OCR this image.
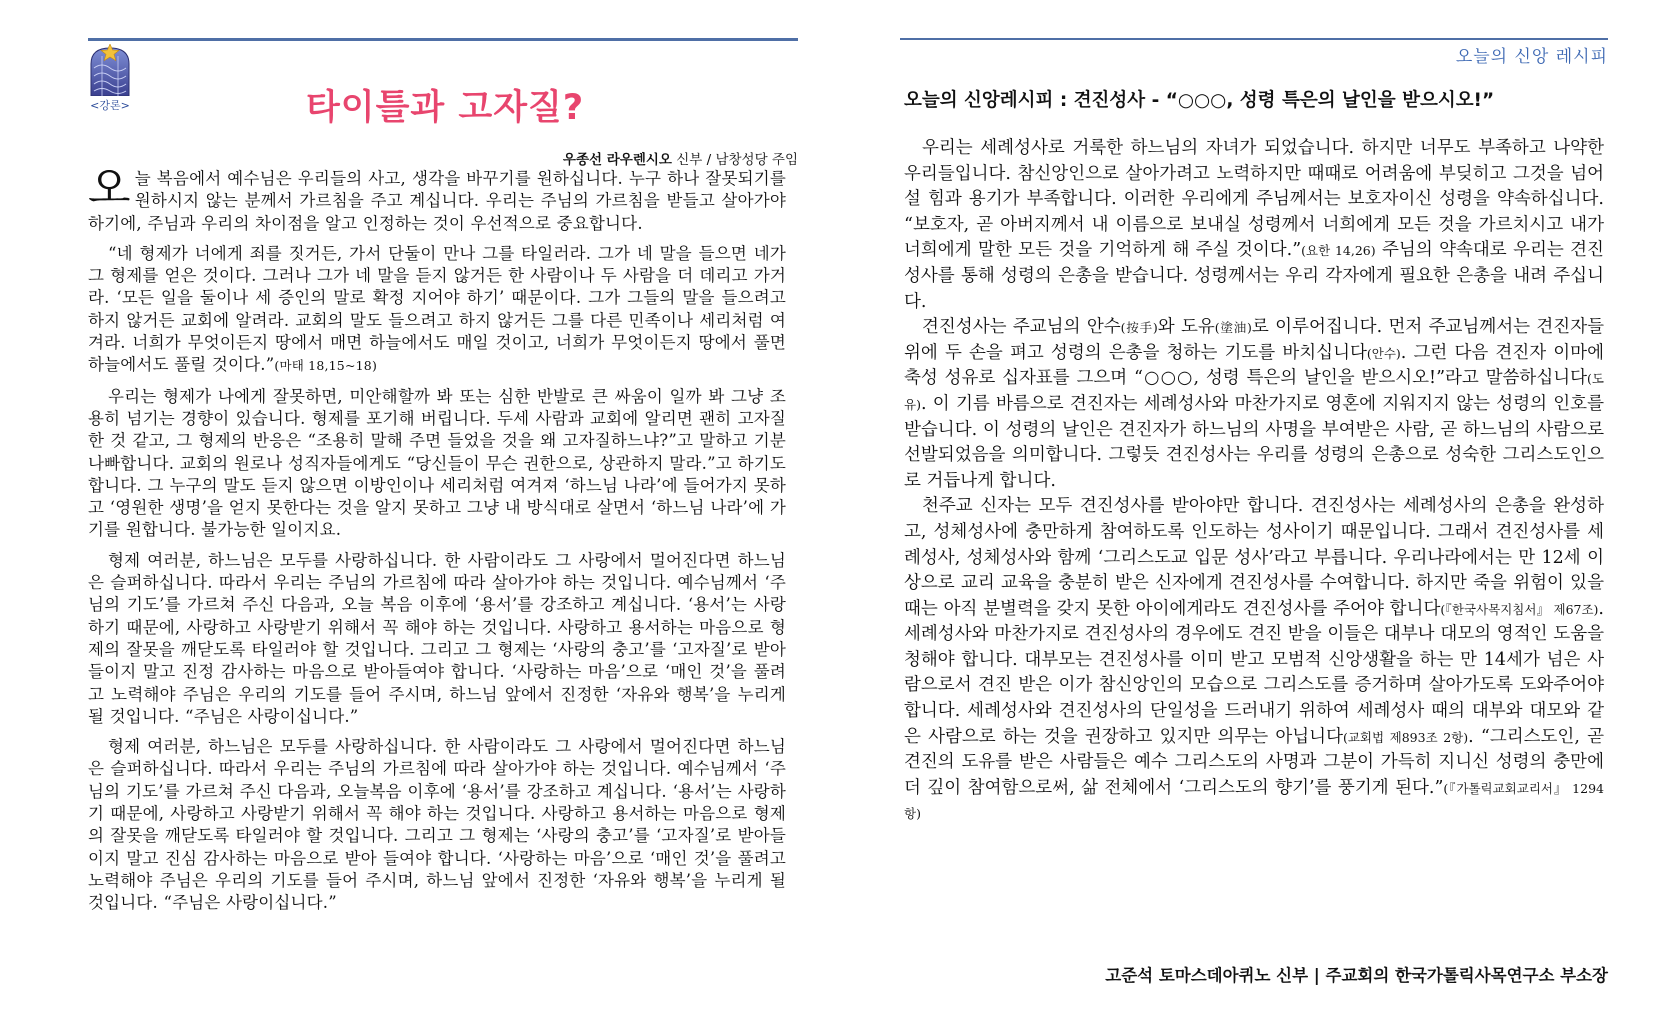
<강론>	타이틀과 고자질?
우종선 라우렌시오 신부 / 남창성당 주임

오늘 복음에서 예수님은 우리들의 사고, 생각을 바꾸기를 원하십니다. 누구 하나 잘못되기를 원하시지 않는 분께서 가르침을 주고 계십니다. 우리는 주님의 가르침을 받들고 살아가야 하기에, 주님과 우리의 차이점을 알고 인정하는 것이 우선적으로 중요합니다.

“네 형제가 너에게 죄를 짓거든, 가서 단둘이 만나 그를 타일러라. 그가 네 말을 들으면 네가 그 형제를 얻은 것이다. 그러나 그가 네 말을 듣지 않거든 한 사람이나 두 사람을 더 데리고 가거라. ‘모든 일을 둘이나 세 증인의 말로 확정 지어야 하기’ 때문이다. 그가 그들의 말을 들으려고 하지 않거든 교회에 알려라. 교회의 말도 들으려고 하지 않거든 그를 다른 민족이나 세리처럼 여겨라. 너희가 무엇이든지 땅에서 매면 하늘에서도 매일 것이고, 너희가 무엇이든지 땅에서 풀면 하늘에서도 풀릴 것이다.”(마태 18,15~18)

우리는 형제가 나에게 잘못하면, 미안해할까 봐 또는 심한 반발로 큰 싸움이 일까 봐 그냥 조용히 넘기는 경향이 있습니다. 형제를 포기해 버립니다. 두세 사람과 교회에 알리면 괜히 고자질한 것 같고, 그 형제의 반응은 “조용히 말해 주면 들었을 것을 왜 고자질하느냐?”고 말하고 기분 나빠합니다. 교회의 원로나 성직자들에게도 “당신들이 무슨 권한으로, 상관하지 말라.”고 하기도 합니다. 그 누구의 말도 듣지 않으면 이방인이나 세리처럼 여겨져 ‘하느님 나라’에 들어가지 못하고 ‘영원한 생명’을 얻지 못한다는 것을 알지 못하고 그냥 내 방식대로 살면서 ‘하느님 나라’에 가기를 원합니다. 불가능한 일이지요.

형제 여러분, 하느님은 모두를 사랑하십니다. 한 사람이라도 그 사랑에서 멀어진다면 하느님은 슬퍼하십니다. 따라서 우리는 주님의 가르침에 따라 살아가야 하는 것입니다. 예수님께서 ‘주님의 기도’를 가르쳐 주신 다음과, 오늘 복음 이후에 ‘용서’를 강조하고 계십니다. ‘용서’는 사랑하기 때문에, 사랑하고 사랑받기 위해서 꼭 해야 하는 것입니다. 사랑하고 용서하는 마음으로 형제의 잘못을 깨닫도록 타일러야 할 것입니다. 그리고 그 형제는 ‘사랑의 충고’를 ‘고자질’로 받아들이지 말고 진정 감사하는 마음으로 받아들여야 합니다. ‘사랑하는 마음’으로 ‘매인 것’을 풀려고 노력해야 주님은 우리의 기도를 들어 주시며, 하느님 앞에서 진정한 ‘자유와 행복’을 누리게 될 것입니다. “주님은 사랑이십니다.”

형제 여러분, 하느님은 모두를 사랑하십니다. 한 사람이라도 그 사랑에서 멀어진다면 하느님은 슬퍼하십니다. 따라서 우리는 주님의 가르침에 따라 살아가야 하는 것입니다. 예수님께서 ‘주님의 기도’를 가르쳐 주신 다음과, 오늘복음 이후에 ‘용서’를 강조하고 계십니다. ‘용서’는 사랑하기 때문에, 사랑하고 사랑받기 위해서 꼭 해야 하는 것입니다. 사랑하고 용서하는 마음으로 형제의 잘못을 깨닫도록 타일러야 할 것입니다. 그리고 그 형제는 ‘사랑의 충고’를 ‘고자질’로 받아들이지 말고 진심 감사하는 마음으로 받아 들여야 합니다. ‘사랑하는 마음’으로 ‘매인 것’을 풀려고 노력해야 주님은 우리의 기도를 들어 주시며, 하느님 앞에서 진정한 ‘자유와 행복’을 누리게 될 것입니다. “주님은 사랑이십니다.”

오늘의 신앙 레시피
오늘의 신앙레시피 : 견진성사 - “○○○, 성령 특은의 날인을 받으시오!”

우리는 세례성사로 거룩한 하느님의 자녀가 되었습니다. 하지만 너무도 부족하고 나약한 우리들입니다. 참신앙인으로 살아가려고 노력하지만 때때로 어려움에 부딪히고 그것을 넘어설 힘과 용기가 부족합니다. 이러한 우리에게 주님께서는 보호자이신 성령을 약속하십니다. “보호자, 곧 아버지께서 내 이름으로 보내실 성령께서 너희에게 모든 것을 가르치시고 내가 너희에게 말한 모든 것을 기억하게 해 주실 것이다.”(요한 14,26) 주님의 약속대로 우리는 견진성사를 통해 성령의 은총을 받습니다. 성령께서는 우리 각자에게 필요한 은총을 내려 주십니다.

견진성사는 주교님의 안수(按手)와 도유(塗油)로 이루어집니다. 먼저 주교님께서는 견진자들 위에 두 손을 펴고 성령의 은총을 청하는 기도를 바치십니다(안수). 그런 다음 견진자 이마에 축성 성유로 십자표를 그으며 “○○○, 성령 특은의 날인을 받으시오!”라고 말씀하십니다(도유). 이 기름 바름으로 견진자는 세례성사와 마찬가지로 영혼에 지워지지 않는 성령의 인호를 받습니다. 이 성령의 날인은 견진자가 하느님의 사명을 부여받은 사람, 곧 하느님의 사람으로 선발되었음을 의미합니다. 그렇듯 견진성사는 우리를 성령의 은총으로 성숙한 그리스도인으로 거듭나게 합니다.

천주교 신자는 모두 견진성사를 받아야만 합니다. 견진성사는 세례성사의 은총을 완성하고, 성체성사에 충만하게 참여하도록 인도하는 성사이기 때문입니다. 그래서 견진성사를 세례성사, 성체성사와 함께 ‘그리스도교 입문 성사’라고 부릅니다. 우리나라에서는 만 12세 이상으로 교리 교육을 충분히 받은 신자에게 견진성사를 수여합니다. 하지만 죽을 위험이 있을 때는 아직 분별력을 갖지 못한 아이에게라도 견진성사를 주어야 합니다(『한국사목지침서』 제67조). 세례성사와 마찬가지로 견진성사의 경우에도 견진 받을 이들은 대부나 대모의 영적인 도움을 청해야 합니다. 대부모는 견진성사를 이미 받고 모범적 신앙생활을 하는 만 14세가 넘은 사람으로서 견진 받은 이가 참신앙인의 모습으로 그리스도를 증거하며 살아가도록 도와주어야 합니다. 세례성사와 견진성사의 단일성을 드러내기 위하여 세례성사 때의 대부와 대모와 같은 사람으로 하는 것을 권장하고 있지만 의무는 아닙니다(교회법 제893조 2항). “그리스도인, 곧 견진의 도유를 받은 사람들은 예수 그리스도의 사명과 그분이 가득히 지니신 성령의 충만에 더 깊이 참여함으로써, 삶 전체에서 ‘그리스도의 향기’를 풍기게 된다.”(『가톨릭교회교리서』 1294항)

고준석 토마스데아퀴노 신부 | 주교회의 한국가톨릭사목연구소 부소장
